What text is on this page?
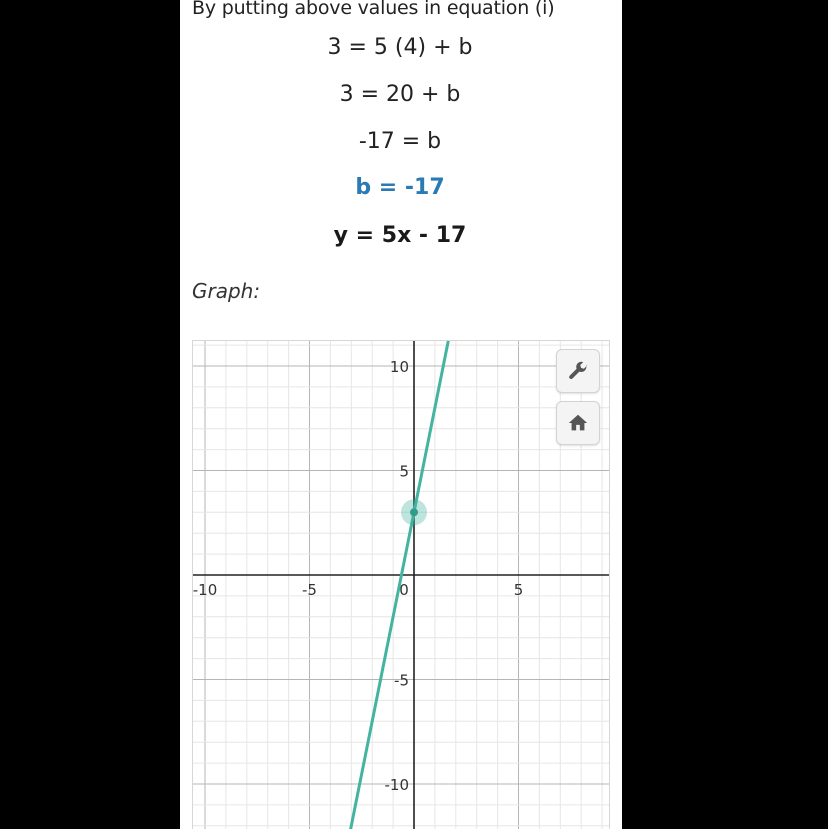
By putting above values in equation (i)
3 = 5 (4) + b
3 = 20 + b
-17 = b
b = -17
y = 5x - 17
Graph:
-10	-5	0	5
10
5
-5
-10
